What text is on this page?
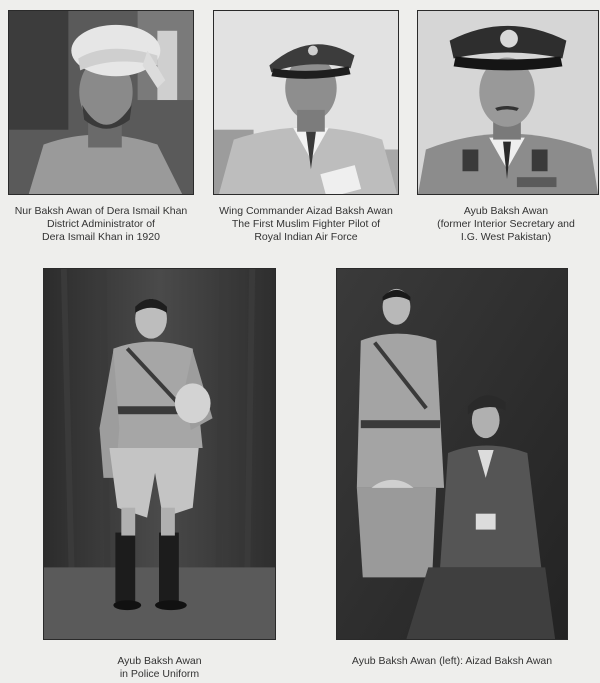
Nur Baksh Awan of Dera Ismail Khan
District Administrator of
Dera Ismail Khan in 1920
Wing Commander Aizad Baksh Awan
The First Muslim Fighter Pilot of
Royal Indian Air Force
Ayub Baksh Awan
(former Interior Secretary and
I.G. West Pakistan)
Ayub Baksh Awan
in Police Uniform
Ayub Baksh Awan (left): Aizad Baksh Awan
